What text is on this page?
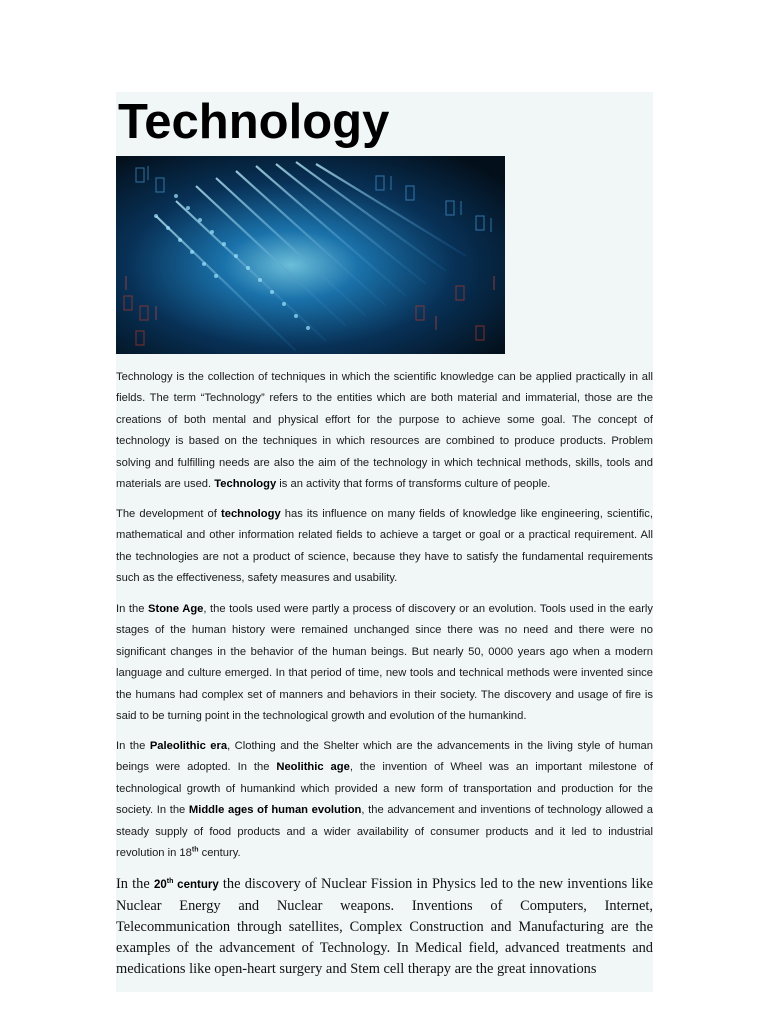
Technology

Technology is the collection of techniques in which the scientific knowledge can be applied practically in all fields. The term “Technology” refers to the entities which are both material and immaterial, those are the creations of both mental and physical effort for the purpose to achieve some goal. The concept of technology is based on the techniques in which resources are combined to produce products. Problem solving and fulfilling needs are also the aim of the technology in which technical methods, skills, tools and materials are used. Technology is an activity that forms of transforms culture of people.

The development of technology has its influence on many fields of knowledge like engineering, scientific, mathematical and other information related fields to achieve a target or goal or a practical requirement. All the technologies are not a product of science, because they have to satisfy the fundamental requirements such as the effectiveness, safety measures and usability.

In the Stone Age, the tools used were partly a process of discovery or an evolution. Tools used in the early stages of the human history were remained unchanged since there was no need and there were no significant changes in the behavior of the human beings. But nearly 50, 0000 years ago when a modern language and culture emerged. In that period of time, new tools and technical methods were invented since the humans had complex set of manners and behaviors in their society. The discovery and usage of fire is said to be turning point in the technological growth and evolution of the humankind.

In the Paleolithic era, Clothing and the Shelter which are the advancements in the living style of human beings were adopted. In the Neolithic age, the invention of Wheel was an important milestone of technological growth of humankind which provided a new form of transportation and production for the society. In the Middle ages of human evolution, the advancement and inventions of technology allowed a steady supply of food products and a wider availability of consumer products and it led to industrial revolution in 18th century.

In the 20th century the discovery of Nuclear Fission in Physics led to the new inventions like Nuclear Energy and Nuclear weapons. Inventions of Computers, Internet, Telecommunication through satellites, Complex Construction and Manufacturing are the examples of the advancement of Technology. In Medical field, advanced treatments and medications like open-heart surgery and Stem cell therapy are the great innovations
